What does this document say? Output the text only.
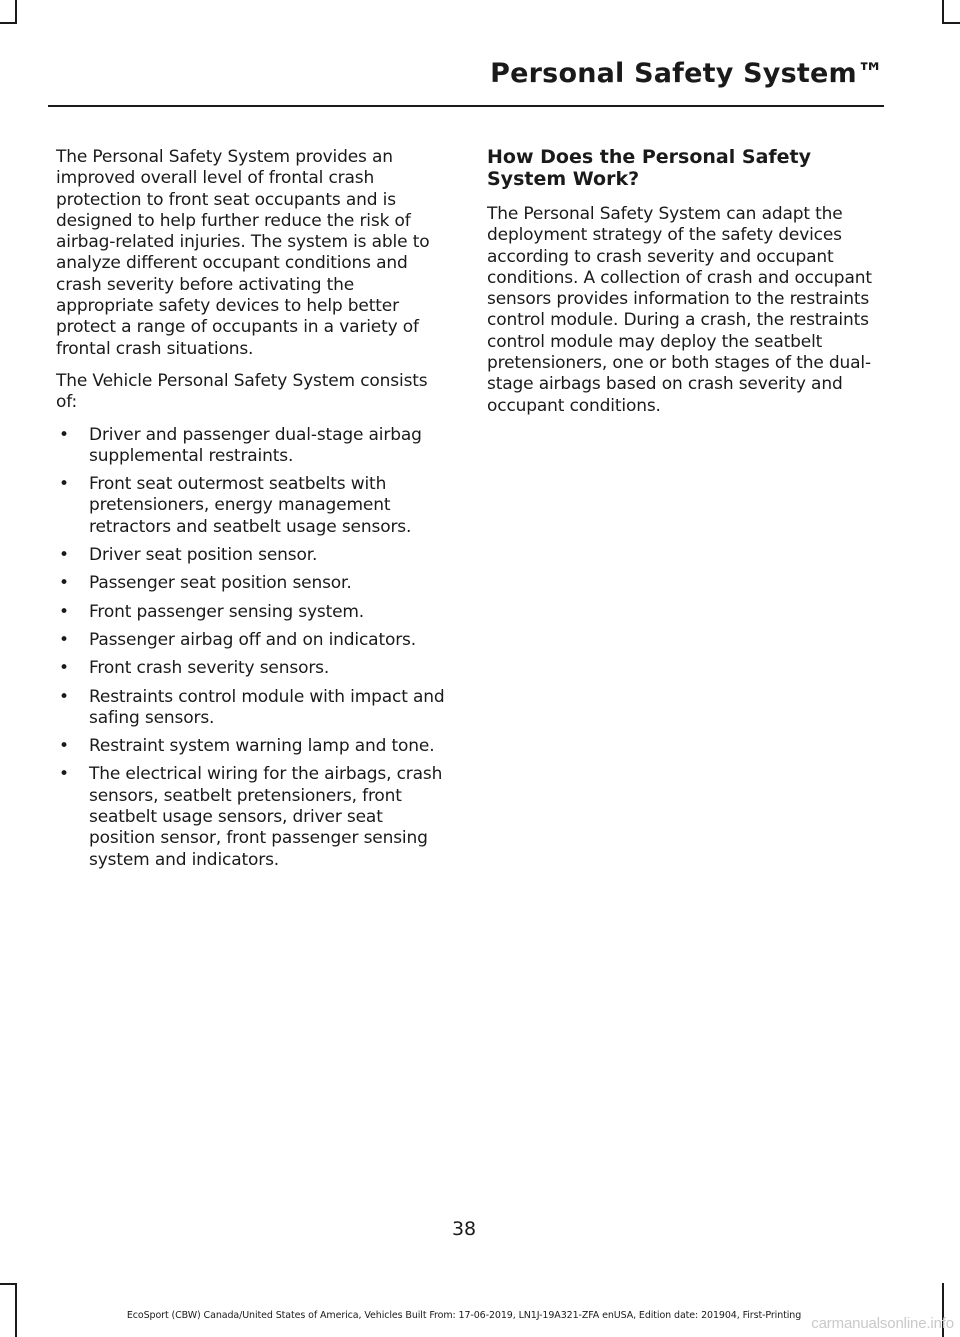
Personal Safety System™

The Personal Safety System provides an improved overall level of frontal crash protection to front seat occupants and is designed to help further reduce the risk of airbag-related injuries. The system is able to analyze different occupant conditions and crash severity before activating the appropriate safety devices to help better protect a range of occupants in a variety of frontal crash situations.

The Vehicle Personal Safety System consists of:

• Driver and passenger dual-stage airbag supplemental restraints.
• Front seat outermost seatbelts with pretensioners, energy management retractors and seatbelt usage sensors.
• Driver seat position sensor.
• Passenger seat position sensor.
• Front passenger sensing system.
• Passenger airbag off and on indicators.
• Front crash severity sensors.
• Restraints control module with impact and safing sensors.
• Restraint system warning lamp and tone.
• The electrical wiring for the airbags, crash sensors, seatbelt pretensioners, front seatbelt usage sensors, driver seat position sensor, front passenger sensing system and indicators.
How Does the Personal Safety System Work?

The Personal Safety System can adapt the deployment strategy of the safety devices according to crash severity and occupant conditions. A collection of crash and occupant sensors provides information to the restraints control module. During a crash, the restraints control module may deploy the seatbelt pretensioners, one or both stages of the dual-stage airbags based on crash severity and occupant conditions.

38

EcoSport (CBW) Canada/United States of America, Vehicles Built From: 17-06-2019, LN1J-19A321-ZFA enUSA, Edition date: 201904, First-Printing carmanualsonline.info
